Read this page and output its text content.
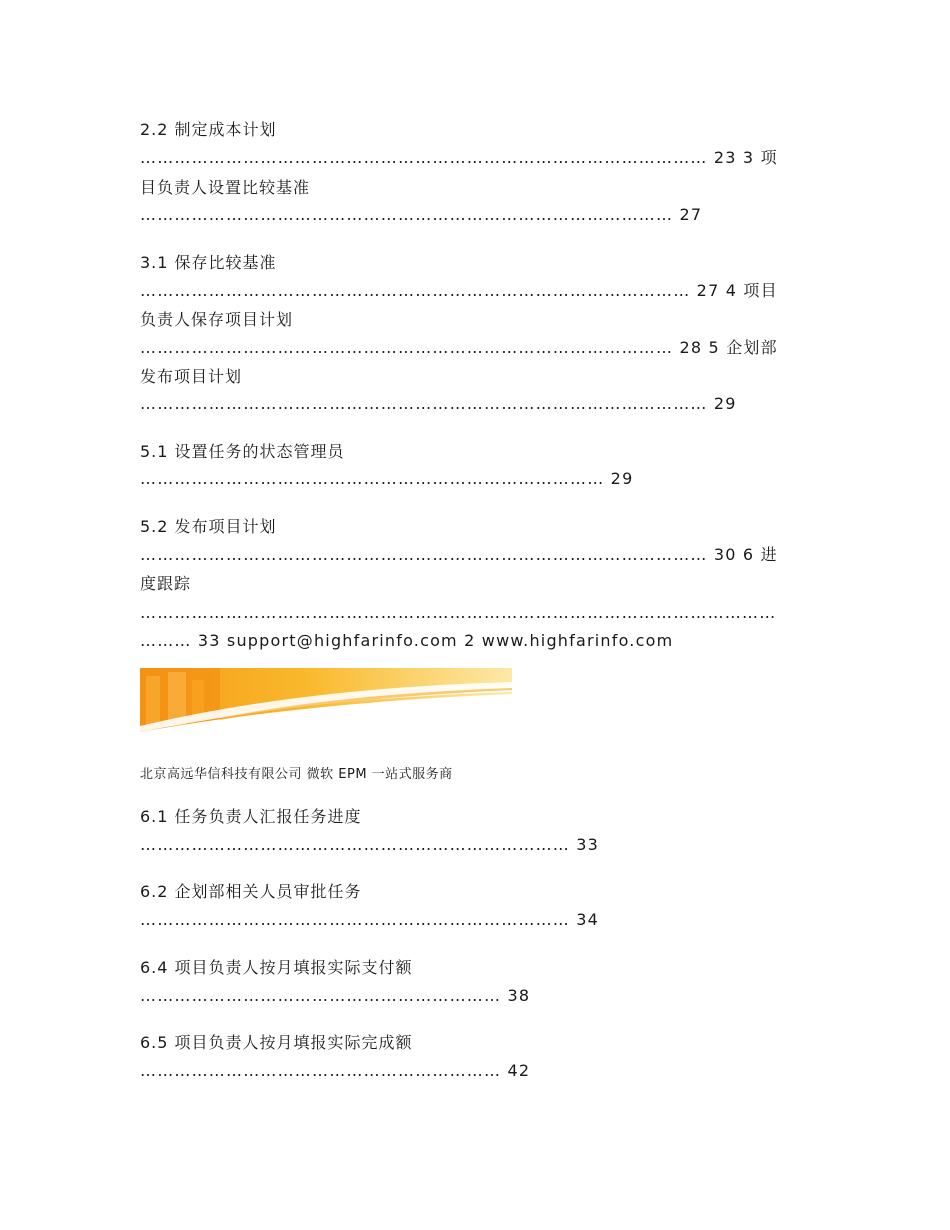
2.2 制定成本计划
……………………………………………………………………………………… 23 3 项
目负责人设置比较基准
………………………………………………………………………………… 27
3.1 保存比较基准
…………………………………………………………………………………… 27 4 项目
负责人保存项目计划
………………………………………………………………………………… 28 5 企划部
发布项目计划
……………………………………………………………………………………… 29
5.1 设置任务的状态管理员
……………………………………………………………………… 29
5.2 发布项目计划
……………………………………………………………………………………… 30 6 进
度跟踪
…………………………………………………………………………………………………
……… 33 support@highfarinfo.com 2 www.highfarinfo.com
北京高远华信科技有限公司 微软 EPM 一站式服务商
6.1 任务负责人汇报任务进度
………………………………………………………………… 33
6.2 企划部相关人员审批任务
………………………………………………………………… 34
6.4 项目负责人按月填报实际支付额
……………………………………………………… 38
6.5 项目负责人按月填报实际完成额
……………………………………………………… 42
